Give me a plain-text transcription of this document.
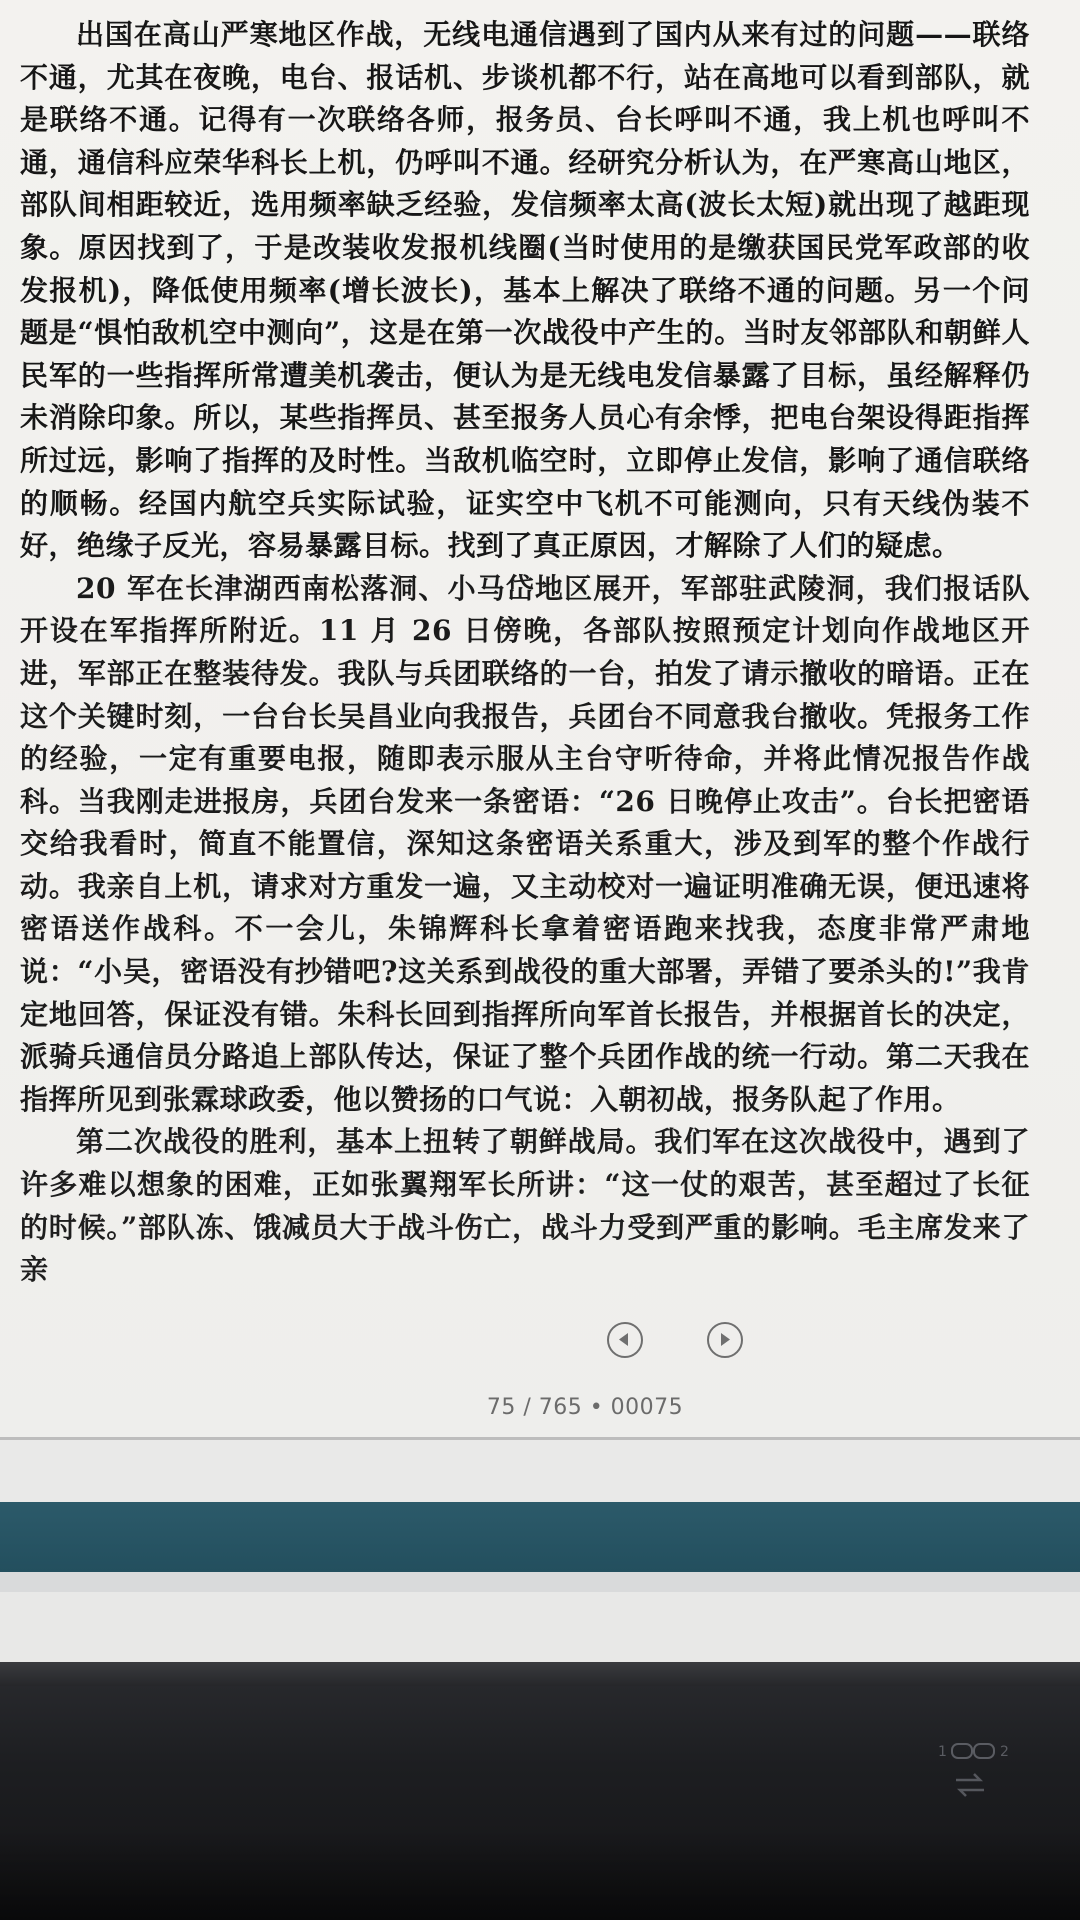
出国在高山严寒地区作战，无线电通信遇到了国内从来有过的问题——联络不通，尤其在夜晚，电台、报话机、步谈机都不行，站在高地可以看到部队，就是联络不通。记得有一次联络各师，报务员、台长呼叫不通，我上机也呼叫不通，通信科应荣华科长上机，仍呼叫不通。经研究分析认为，在严寒高山地区，部队间相距较近，选用频率缺乏经验，发信频率太高(波长太短)就出现了越距现象。原因找到了，于是改装收发报机线圈(当时使用的是缴获国民党军政部的收发报机)，降低使用频率(增长波长)，基本上解决了联络不通的问题。另一个问题是“惧怕敌机空中测向”，这是在第一次战役中产生的。当时友邻部队和朝鲜人民军的一些指挥所常遭美机袭击，便认为是无线电发信暴露了目标，虽经解释仍未消除印象。所以，某些指挥员、甚至报务人员心有余悸，把电台架设得距指挥所过远，影响了指挥的及时性。当敌机临空时，立即停止发信，影响了通信联络的顺畅。经国内航空兵实际试验，证实空中飞机不可能测向，只有天线伪装不好，绝缘子反光，容易暴露目标。找到了真正原因，才解除了人们的疑虑。

20 军在长津湖西南松落洞、小马岱地区展开，军部驻武陵洞，我们报话队开设在军指挥所附近。11 月 26 日傍晚，各部队按照预定计划向作战地区开进，军部正在整装待发。我队与兵团联络的一台，拍发了请示撤收的暗语。正在这个关键时刻，一台台长吴昌业向我报告，兵团台不同意我台撤收。凭报务工作的经验，一定有重要电报，随即表示服从主台守听待命，并将此情况报告作战科。当我刚走进报房，兵团台发来一条密语：“26 日晚停止攻击”。台长把密语交给我看时，简直不能置信，深知这条密语关系重大，涉及到军的整个作战行动。我亲自上机，请求对方重发一遍，又主动校对一遍证明准确无误，便迅速将密语送作战科。不一会儿，朱锦辉科长拿着密语跑来找我，态度非常严肃地说：“小吴，密语没有抄错吧?这关系到战役的重大部署，弄错了要杀头的!”我肯定地回答，保证没有错。朱科长回到指挥所向军首长报告，并根据首长的决定，派骑兵通信员分路追上部队传达，保证了整个兵团作战的统一行动。第二天我在指挥所见到张霖球政委，他以赞扬的口气说：入朝初战，报务队起了作用。

第二次战役的胜利，基本上扭转了朝鲜战局。我们军在这次战役中，遇到了许多难以想象的困难，正如张翼翔军长所讲：“这一仗的艰苦，甚至超过了长征的时候。”部队冻、饿减员大于战斗伤亡，战斗力受到严重的影响。毛主席发来了亲

75 / 765 • 00075
1	2
